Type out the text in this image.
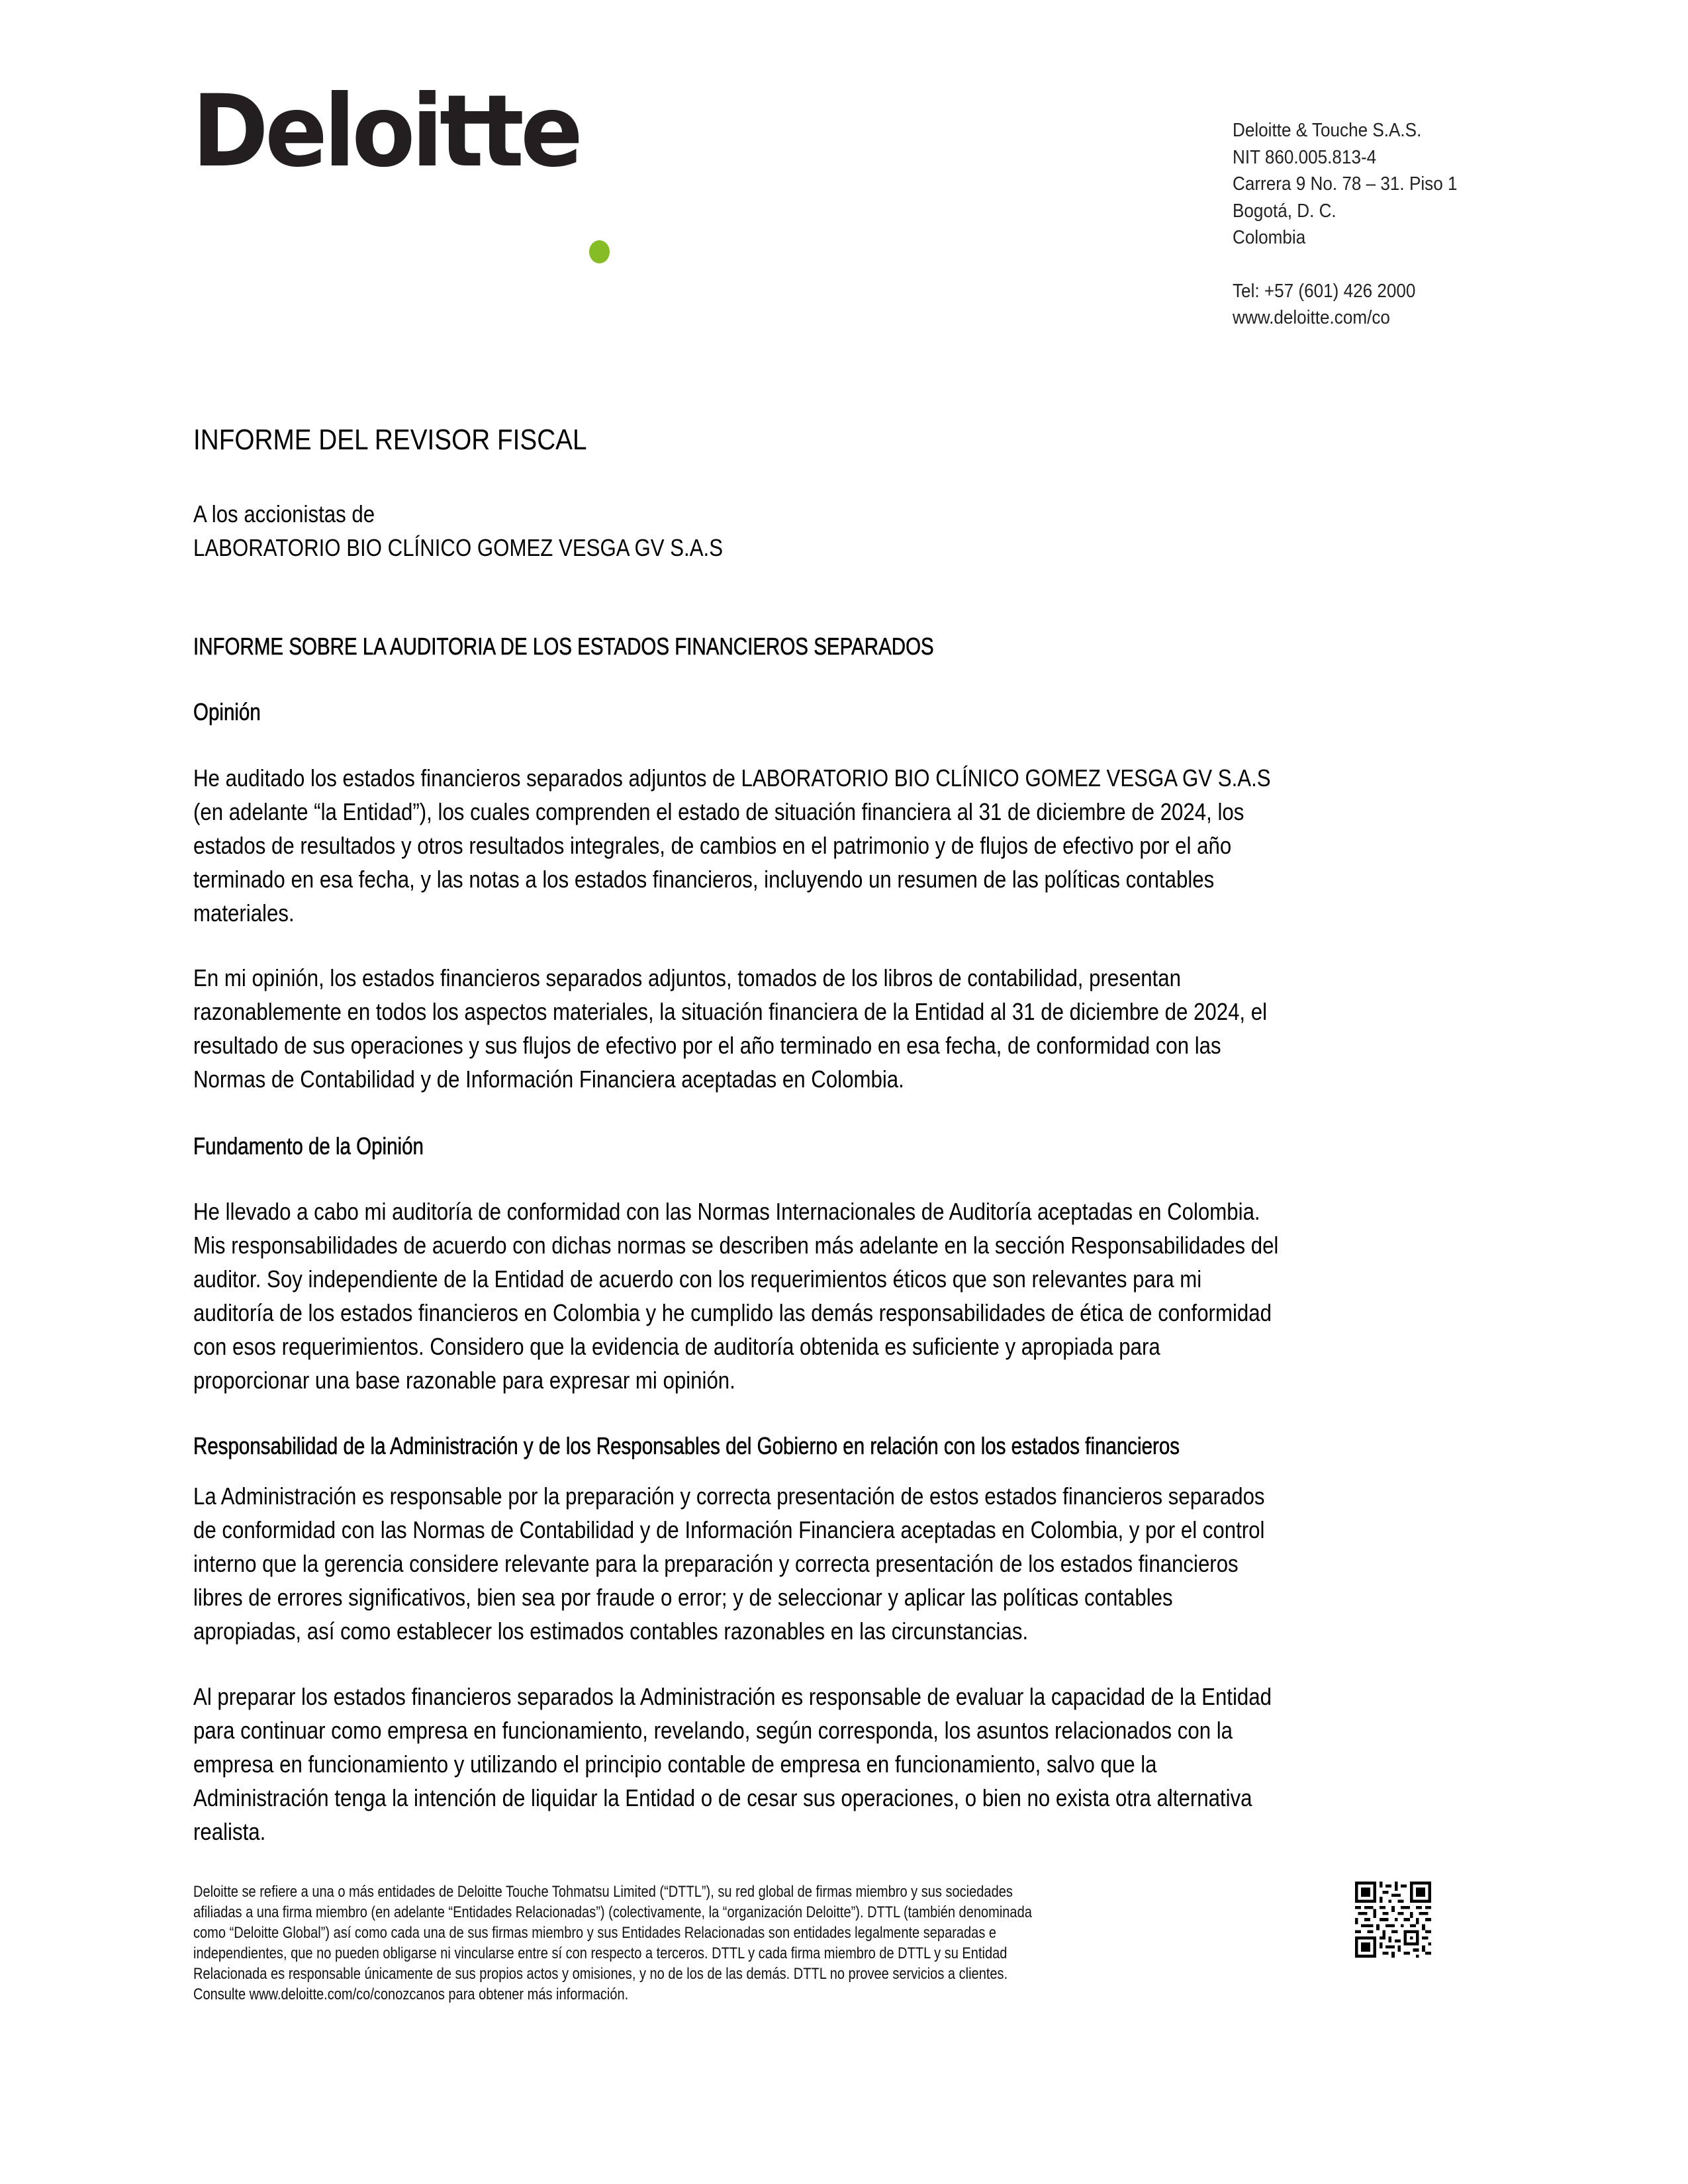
Deloitte	Deloitte & Touche S.A.S.
NIT 860.005.813-4
Carrera 9 No. 78 – 31. Piso 1
Bogotá, D. C.
Colombia
Tel: +57 (601) 426 2000
www.deloitte.com/co
INFORME DEL REVISOR FISCAL
A los accionistas de
LABORATORIO BIO CLÍNICO GOMEZ VESGA GV S.A.S
INFORME SOBRE LA AUDITORIA DE LOS ESTADOS FINANCIEROS SEPARADOS
Opinión
He auditado los estados financieros separados adjuntos de LABORATORIO BIO CLÍNICO GOMEZ VESGA GV S.A.S
(en adelante “la Entidad”), los cuales comprenden el estado de situación financiera al 31 de diciembre de 2024, los
estados de resultados y otros resultados integrales, de cambios en el patrimonio y de flujos de efectivo por el año
terminado en esa fecha, y las notas a los estados financieros, incluyendo un resumen de las políticas contables
materiales.
En mi opinión, los estados financieros separados adjuntos, tomados de los libros de contabilidad, presentan
razonablemente en todos los aspectos materiales, la situación financiera de la Entidad al 31 de diciembre de 2024, el
resultado de sus operaciones y sus flujos de efectivo por el año terminado en esa fecha, de conformidad con las
Normas de Contabilidad y de Información Financiera aceptadas en Colombia.
Fundamento de la Opinión
He llevado a cabo mi auditoría de conformidad con las Normas Internacionales de Auditoría aceptadas en Colombia.
Mis responsabilidades de acuerdo con dichas normas se describen más adelante en la sección Responsabilidades del
auditor. Soy independiente de la Entidad de acuerdo con los requerimientos éticos que son relevantes para mi
auditoría de los estados financieros en Colombia y he cumplido las demás responsabilidades de ética de conformidad
con esos requerimientos. Considero que la evidencia de auditoría obtenida es suficiente y apropiada para
proporcionar una base razonable para expresar mi opinión.
Responsabilidad de la Administración y de los Responsables del Gobierno en relación con los estados financieros
La Administración es responsable por la preparación y correcta presentación de estos estados financieros separados
de conformidad con las Normas de Contabilidad y de Información Financiera aceptadas en Colombia, y por el control
interno que la gerencia considere relevante para la preparación y correcta presentación de los estados financieros
libres de errores significativos, bien sea por fraude o error; y de seleccionar y aplicar las políticas contables
apropiadas, así como establecer los estimados contables razonables en las circunstancias.
Al preparar los estados financieros separados la Administración es responsable de evaluar la capacidad de la Entidad
para continuar como empresa en funcionamiento, revelando, según corresponda, los asuntos relacionados con la
empresa en funcionamiento y utilizando el principio contable de empresa en funcionamiento, salvo que la
Administración tenga la intención de liquidar la Entidad o de cesar sus operaciones, o bien no exista otra alternativa
realista.
Deloitte se refiere a una o más entidades de Deloitte Touche Tohmatsu Limited (“DTTL”), su red global de firmas miembro y sus sociedades
afiliadas a una firma miembro (en adelante “Entidades Relacionadas”) (colectivamente, la “organización Deloitte”). DTTL (también denominada
como “Deloitte Global”) así como cada una de sus firmas miembro y sus Entidades Relacionadas son entidades legalmente separadas e
independientes, que no pueden obligarse ni vincularse entre sí con respecto a terceros. DTTL y cada firma miembro de DTTL y su Entidad
Relacionada es responsable únicamente de sus propios actos y omisiones, y no de los de las demás. DTTL no provee servicios a clientes.
Consulte www.deloitte.com/co/conozcanos para obtener más información.
